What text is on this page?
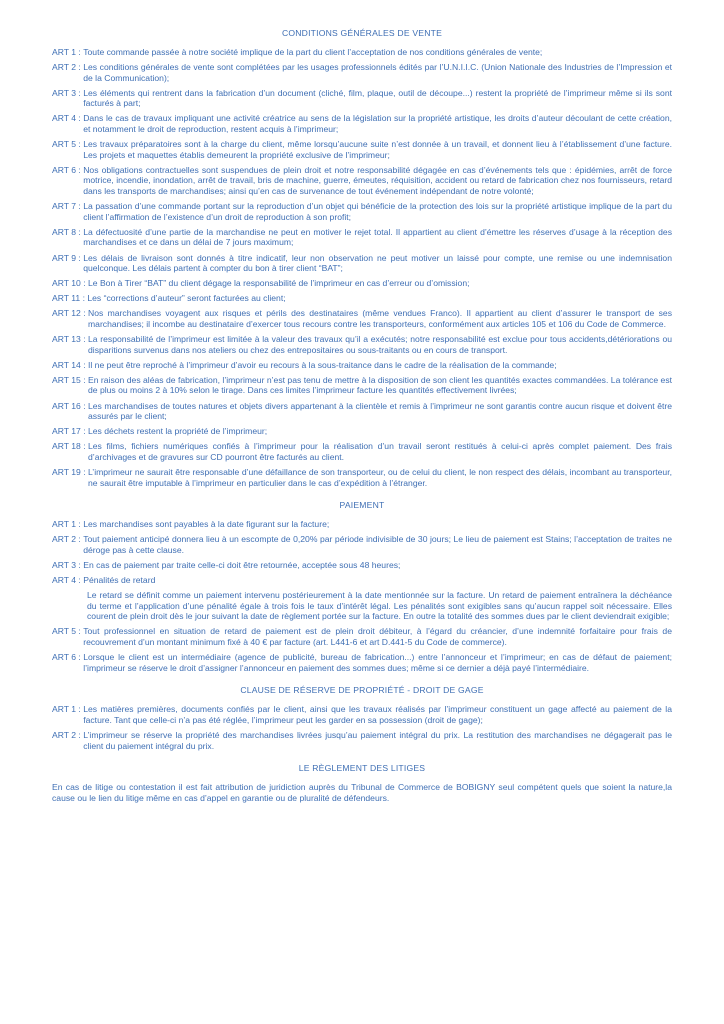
CONDITIONS GÉNÉRALES DE VENTE
ART 1 : Toute commande passée à notre société implique de la part du client l’acceptation de nos conditions générales de vente;
ART 2 : Les conditions générales de vente sont complétées par les usages professionnels édités par l’U.N.I.I.C. (Union Nationale des Industries de l’Impression et de la Communication);
ART 3 : Les éléments qui rentrent dans la fabrication d’un document (cliché, film, plaque, outil de découpe...) restent la propriété de l’imprimeur même si ils sont facturés à part;
ART 4 : Dans le cas de travaux impliquant une activité créatrice au sens de la législation sur la propriété artistique, les droits d’auteur découlant de cette création, et notamment le droit de reproduction, restent acquis à l’imprimeur;
ART 5 : Les travaux préparatoires sont à la charge du client, même lorsqu’aucune suite n’est donnée à un travail, et donnent lieu à l’établissement d’une facture. Les projets et maquettes établis demeurent la propriété exclusive de l’imprimeur;
ART 6 : Nos obligations contractuelles sont suspendues de plein droit et notre responsabilité dégagée en cas d’événements tels que : épidémies, arrêt de force motrice, incendie, inondation, arrêt de travail, bris de machine, guerre, émeutes, réquisition, accident ou retard de fabrication chez nos fournisseurs, retard dans les transports de marchandises; ainsi qu’en cas de survenance de tout événement indépendant de notre volonté;
ART 7 : La passation d’une commande portant sur la reproduction d’un objet qui bénéficie de la protection des lois sur la propriété artistique implique de la part du client l’affirmation de l’existence d’un droit de reproduction à son profit;
ART 8 : La défectuosité d’une partie de la marchandise ne peut en motiver le rejet total. Il appartient au client d’émettre les réserves d’usage à la réception des marchandises et ce dans un délai de 7 jours maximum;
ART 9 : Les délais de livraison sont donnés à titre indicatif, leur non observation ne peut motiver un laissé pour compte, une remise ou une indemnisation quelconque. Les délais partent à compter du bon à tirer client “BAT”;
ART 10 : Le Bon à Tirer “BAT” du client dégage la responsabilité de l’imprimeur en cas d’erreur ou d’omission;
ART 11 : Les “corrections d’auteur” seront facturées au client;
ART 12 : Nos marchandises voyagent aux risques et périls des destinataires (même vendues Franco). Il appartient au client d’assurer le transport de ses marchandises; il incombe au destinataire d’exercer tous recours contre les transporteurs, conformément aux articles 105 et 106 du Code de Commerce.
ART 13 : La responsabilité de l’imprimeur est limitée à la valeur des travaux qu’il a exécutés; notre responsabilité est exclue pour tous accidents,détériorations ou disparitions survenus dans nos ateliers ou chez des entrepositaires ou sous-traitants ou en cours de transport.
ART 14 : Il ne peut être reproché à l’imprimeur d’avoir eu recours à la sous-traitance dans le cadre de la réalisation de la commande;
ART 15 : En raison des aléas de fabrication, l’imprimeur n’est pas tenu de mettre à la disposition de son client les quantités exactes commandées. La tolérance est de plus ou moins 2 à 10% selon le tirage. Dans ces limites l’imprimeur facture les quantités effectivement livrées;
ART 16 : Les marchandises de toutes natures et objets divers appartenant à la clientèle et remis à l’imprimeur ne sont garantis contre aucun risque et doivent être assurés par le client;
ART 17 : Les déchets restent la propriété de l’imprimeur;
ART 18 : Les films, fichiers numériques confiés à l’imprimeur pour la réalisation d’un travail seront restitués à celui-ci après complet paiement. Des frais d’archivages et de gravures sur CD pourront être facturés au client.
ART 19 : L’imprimeur ne saurait être responsable d’une défaillance de son transporteur, ou de celui du client, le non respect des délais, incombant au transporteur, ne saurait être imputable à l’imprimeur en particulier dans le cas d’expédition à l’étranger.
PAIEMENT
ART 1 : Les marchandises sont payables à la date figurant sur la facture;
ART 2 : Tout paiement anticipé donnera lieu à un escompte de 0,20% par période indivisible de 30 jours; Le lieu de paiement est Stains; l’acceptation de traites ne déroge pas à cette clause.
ART 3 : En cas de paiement par traite celle-ci doit être retournée, acceptée sous 48 heures;
ART 4 : Pénalités de retard
Le retard se définit comme un paiement intervenu postérieurement à la date mentionnée sur la facture. Un retard de paiement entraînera la déchéance du terme et l’application d’une pénalité égale à trois fois le taux d’intérêt légal. Les pénalités sont exigibles sans qu’aucun rappel soit nécessaire. Elles courent de plein droit dès le jour suivant la date de règlement portée sur la facture. En outre la totalité des sommes dues par le client deviendrait exigible;
ART 5 : Tout professionnel en situation de retard de paiement est de plein droit débiteur, à l’égard du créancier, d’une indemnité forfaitaire pour frais de recouvrement d’un montant minimum fixé à 40 € par facture (art. L441-6 et art D.441-5 du Code de commerce).
ART 6 : Lorsque le client est un intermédiaire (agence de publicité, bureau de fabrication...) entre l’annonceur et l’imprimeur; en cas de défaut de paiement; l’imprimeur se réserve le droit d’assigner l’annonceur en paiement des sommes dues; même si ce dernier a déjà payé l’intermédiaire.
CLAUSE DE RÉSERVE DE PROPRIÉTÉ - DROIT DE GAGE
ART 1 : Les matières premières, documents confiés par le client, ainsi que les travaux réalisés par l’imprimeur constituent un gage affecté au paiement de la facture. Tant que celle-ci n’a pas été réglée, l’imprimeur peut les garder en sa possession (droit de gage);
ART 2 : L’imprimeur se réserve la propriété des marchandises livrées jusqu’au paiement intégral du prix. La restitution des marchandises ne dégagerait pas le client du paiement intégral du prix.
LE RÈGLEMENT DES LITIGES

En cas de litige ou contestation il est fait attribution de juridiction auprès du Tribunal de Commerce de BOBIGNY seul compétent quels que soient la nature,la cause ou le lien du litige même en cas d’appel en garantie ou de pluralité de défendeurs.
